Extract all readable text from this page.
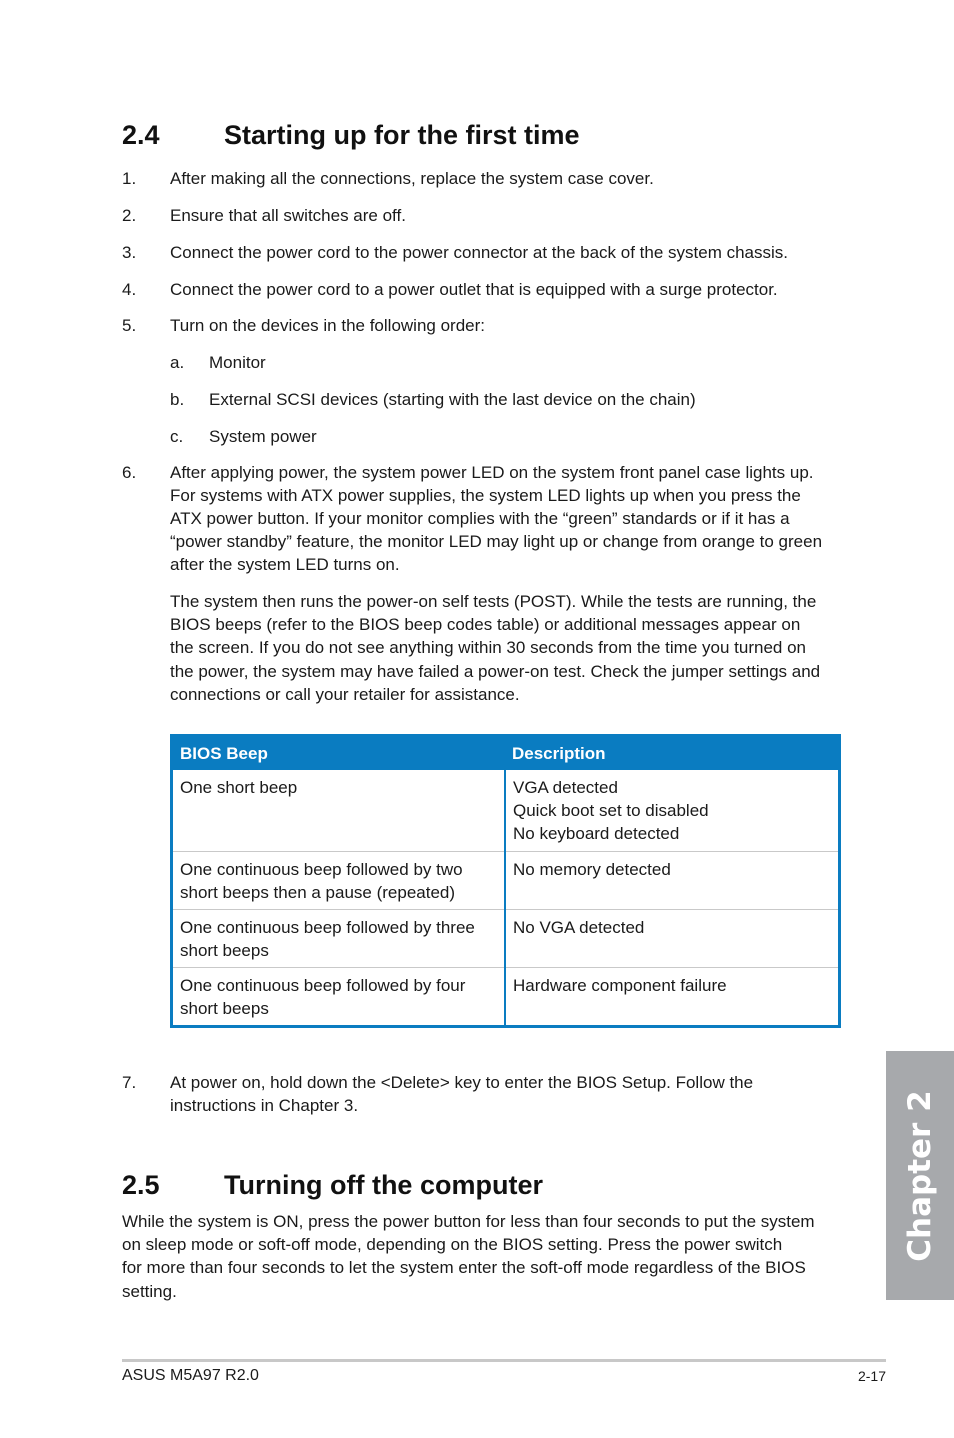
2.4 Starting up for the first time
1. After making all the connections, replace the system case cover.
2. Ensure that all switches are off.
3. Connect the power cord to the power connector at the back of the system chassis.
4. Connect the power cord to a power outlet that is equipped with a surge protector.
5. Turn on the devices in the following order:
a. Monitor
b. External SCSI devices (starting with the last device on the chain)
c. System power
6. After applying power, the system power LED on the system front panel case lights up.
For systems with ATX power supplies, the system LED lights up when you press the
ATX power button. If your monitor complies with the “green” standards or if it has a
“power standby” feature, the monitor LED may light up or change from orange to green
after the system LED turns on.
The system then runs the power-on self tests (POST). While the tests are running, the
BIOS beeps (refer to the BIOS beep codes table) or additional messages appear on
the screen. If you do not see anything within 30 seconds from the time you turned on
the power, the system may have failed a power-on test. Check the jumper settings and
connections or call your retailer for assistance.
BIOS Beep	Description

One short beep	VGA detected
Quick boot set to disabled
No keyboard detected

One continuous beep followed by two
short beeps then a pause (repeated)	No memory detected

One continuous beep followed by three
short beeps	No VGA detected

One continuous beep followed by four
short beeps	Hardware component failure
7. At power on, hold down the <Delete> key to enter the BIOS Setup. Follow the
instructions in Chapter 3.
2.5 Turning off the computer
While the system is ON, press the power button for less than four seconds to put the system
on sleep mode or soft-off mode, depending on the BIOS setting. Press the power switch
for more than four seconds to let the system enter the soft-off mode regardless of the BIOS
setting.
Chapter 2
ASUS M5A97 R2.0	2-17
